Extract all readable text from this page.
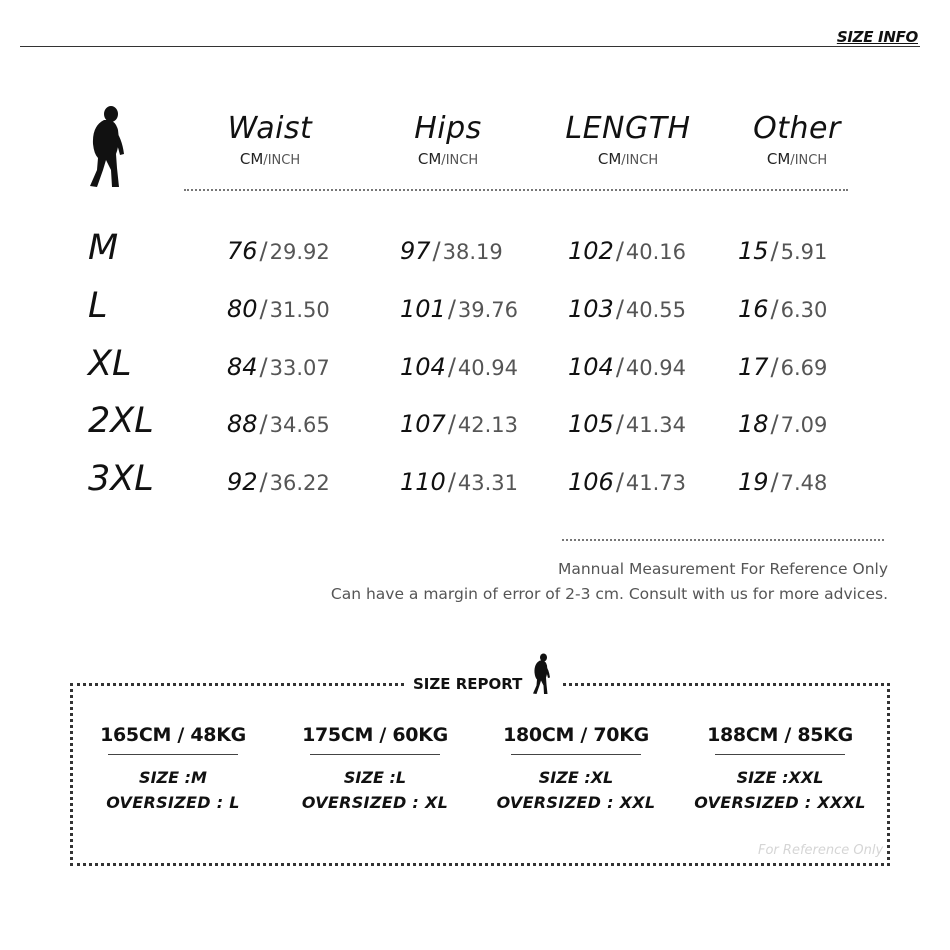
SIZE INFO
Waist
CM/INCH
Hips
CM/INCH
LENGTH
CM/INCH
Other
CM/INCH
M	76/29.92	97/38.19	102/40.16 15/5.91
L	80/31.50	101/39.76 103/40.55 16/6.30
XL	84/33.07	104/40.94 104/40.94 17/6.69
2XL	88/34.65	107/42.13 105/41.34 18/7.09
3XL	92/36.22	110/43.31 106/41.73 19/7.48
Mannual Measurement For Reference Only
Can have a margin of error of 2-3 cm. Consult with us for more advices.
SIZE REPORT
165CM / 48KG
SIZE :M
OVERSIZED : L
175CM / 60KG
SIZE :L
OVERSIZED : XL
180CM / 70KG
SIZE :XL
OVERSIZED : XXL
188CM / 85KG
SIZE :XXL
OVERSIZED : XXXL
For Reference Only
